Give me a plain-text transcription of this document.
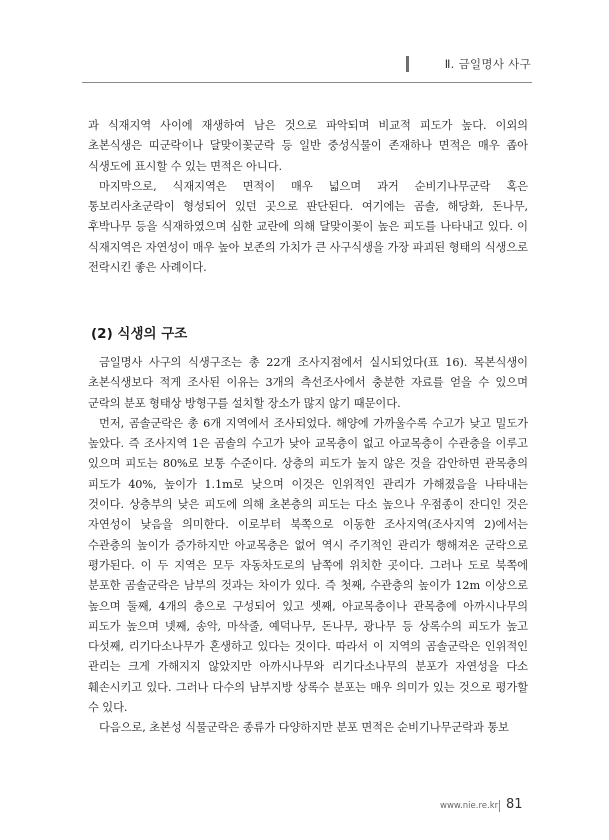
Ⅱ. 금일명사 사구

과 식재지역 사이에 재생하여 남은 것으로 파악되며 비교적 피도가 높다. 이외의 초본식생은 띠군락이나 달맞이꽃군락 등 일반 중성식물이 존재하나 면적은 매우 좁아 식생도에 표시할 수 있는 면적은 아니다.

마지막으로, 식재지역은 면적이 매우 넓으며 과거 순비기나무군락 혹은 통보리사초군락이 형성되어 있던 곳으로 판단된다. 여기에는 곰솔, 해당화, 돈나무, 후박나무 등을 식재하였으며 심한 교란에 의해 달맞이꽃이 높은 피도를 나타내고 있다. 이 식재지역은 자연성이 매우 높아 보존의 가치가 큰 사구식생을 가장 파괴된 형태의 식생으로 전락시킨 좋은 사례이다.

(2) 식생의 구조

금일명사 사구의 식생구조는 총 22개 조사지점에서 실시되었다(표 16). 목본식생이 초본식생보다 적게 조사된 이유는 3개의 측선조사에서 충분한 자료를 얻을 수 있으며 군락의 분포 형태상 방형구를 설치할 장소가 많지 않기 때문이다.

먼저, 곰솔군락은 총 6개 지역에서 조사되었다. 해양에 가까울수록 수고가 낮고 밀도가 높았다. 즉 조사지역 1은 곰솔의 수고가 낮아 교목층이 없고 아교목층이 수관층을 이루고 있으며 피도는 80%로 보통 수준이다. 상층의 피도가 높지 않은 것을 감안하면 관목층의 피도가 40%, 높이가 1.1m로 낮으며 이것은 인위적인 관리가 가해졌음을 나타내는 것이다. 상층부의 낮은 피도에 의해 초본층의 피도는 다소 높으나 우점종이 잔디인 것은 자연성이 낮음을 의미한다. 이로부터 북쪽으로 이동한 조사지역(조사지역 2)에서는 수관층의 높이가 증가하지만 아교목층은 없어 역시 주기적인 관리가 행해져온 군락으로 평가된다. 이 두 지역은 모두 자동차도로의 남쪽에 위치한 곳이다. 그러나 도로 북쪽에 분포한 곰솔군락은 남부의 것과는 차이가 있다. 즉 첫째, 수관층의 높이가 12m 이상으로 높으며 둘째, 4개의 층으로 구성되어 있고 셋째, 아교목층이나 관목층에 아까시나무의 피도가 높으며 넷째, 송악, 마삭줄, 예덕나무, 돈나무, 광나무 등 상록수의 피도가 높고 다섯째, 리기다소나무가 혼생하고 있다는 것이다. 따라서 이 지역의 곰솔군락은 인위적인 관리는 크게 가해지지 않았지만 아까시나무와 리기다소나무의 분포가 자연성을 다소 훼손시키고 있다. 그러나 다수의 남부지방 상록수 분포는 매우 의미가 있는 것으로 평가할 수 있다.

다음으로, 초본성 식물군락은 종류가 다양하지만 분포 면적은 순비기나무군락과 통보

www.nie.re.kr 81
